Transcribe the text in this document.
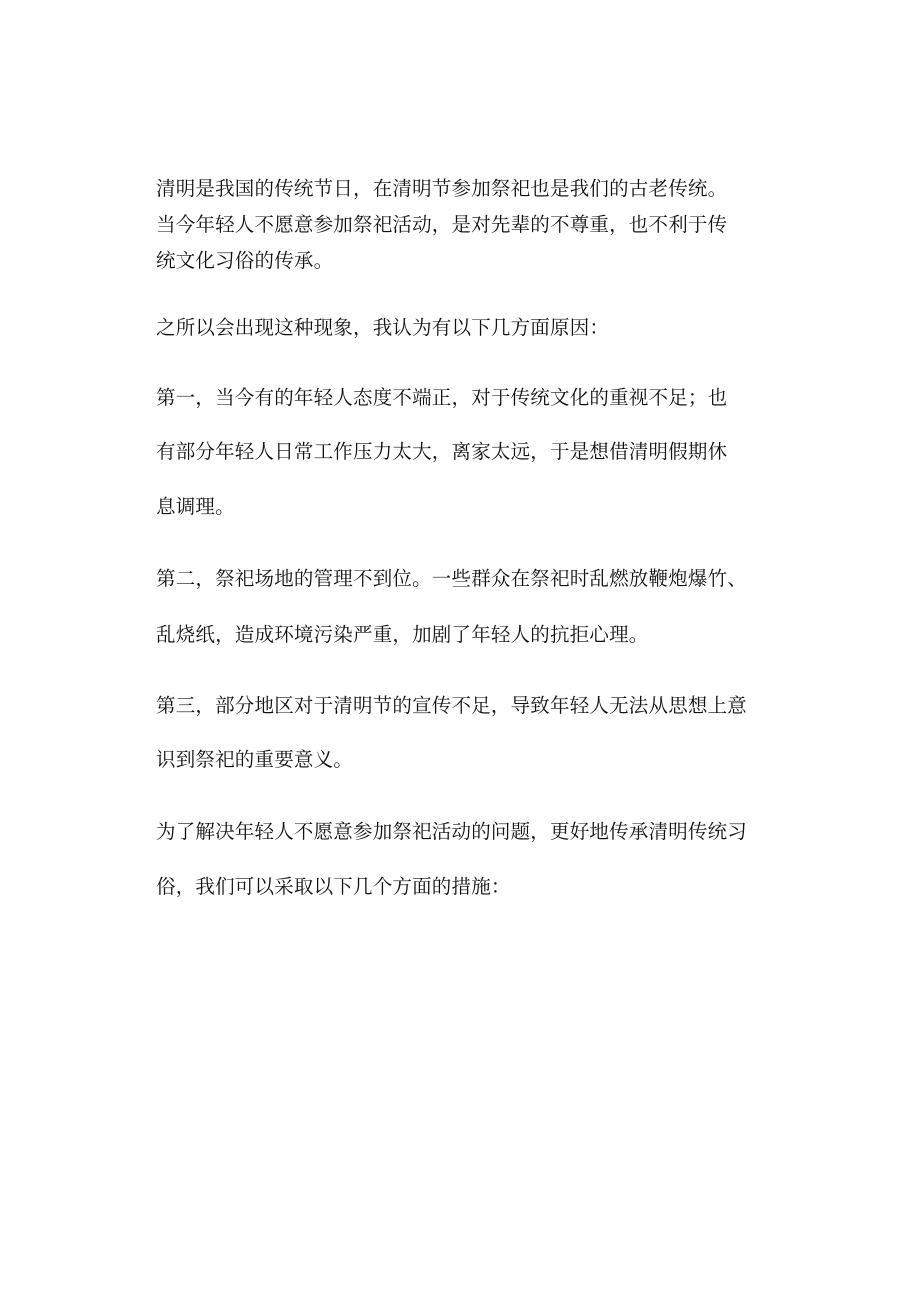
清明是我国的传统节日，在清明节参加祭祀也是我们的古老传统。
当今年轻人不愿意参加祭祀活动，是对先辈的不尊重，也不利于传
统文化习俗的传承。
之所以会出现这种现象，我认为有以下几方面原因：
第一，当今有的年轻人态度不端正，对于传统文化的重视不足；也
有部分年轻人日常工作压力太大，离家太远，于是想借清明假期休
息调理。
第二，祭祀场地的管理不到位。一些群众在祭祀时乱燃放鞭炮爆竹、
乱烧纸，造成环境污染严重，加剧了年轻人的抗拒心理。
第三，部分地区对于清明节的宣传不足，导致年轻人无法从思想上意
识到祭祀的重要意义。
为了解决年轻人不愿意参加祭祀活动的问题，更好地传承清明传统习
俗，我们可以采取以下几个方面的措施：
